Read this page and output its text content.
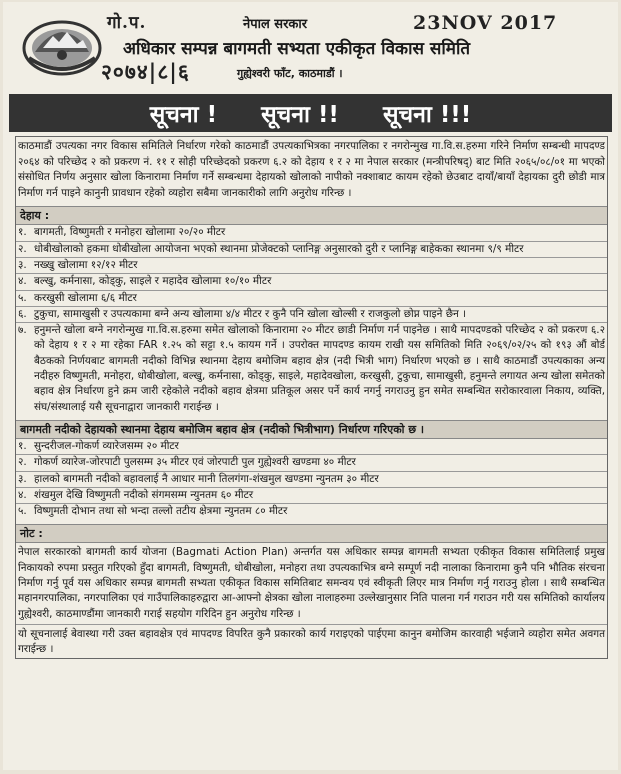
गो.प.	नेपाल सरकार	23NOV 2017
अधिकार सम्पन्न बागमती सभ्यता एकीकृत विकास समिति
गुह्येश्वरी फाँट, काठमाडौं ।
२०७४|८|६
सूचना ! सूचना !! सूचना !!!
काठमाडौं उपत्यका नगर विकास समितिले निर्धारण गरेको काठमाडौं उपत्यकाभित्रका नगरपालिका र नगरोन्मुख गा.वि.स.हरुमा गरिने निर्माण सम्बन्धी मापदण्ड २०६४ को परिच्छेद २ को प्रकरण नं. ११ र सोही परिच्छेदको प्रकरण ६.२ को देहाय १ र २ मा नेपाल सरकार (मन्त्रीपरिषद्) बाट मिति २०६५/०८/०१ मा भएको संसोधित निर्णय अनुसार खोला किनारामा निर्माण गर्ने सम्बन्धमा देहायको खोलाको नापीको नक्शाबाट कायम रहेको छेउबाट दायाँ/बायाँ देहायका दुरी छोडी मात्र निर्माण गर्न पाइने कानुनी प्रावधान रहेको व्यहोरा सबैमा जानकारीको लागि अनुरोध गरिन्छ ।
देहाय :
१. बागमती, विष्णुमती र मनोहरा खोलामा २०/२० मीटर
२. धोबीखोलाको हकमा धोबीखोला आयोजना भएको स्थानमा प्रोजेक्टको प्लानिङ्ग अनुसारको दुरी र प्लानिङ्ग बाहेकका स्थानमा ९/९ मीटर
३. नख्खु खोलामा १२/१२ मीटर
४. बल्खु, कर्मनासा, कोड्कु, साइले र महादेव खोलामा १०/१० मीटर
५. करखुसी खोलामा ६/६ मीटर
६. टुकुचा, सामाखुसी र उपत्यकामा बग्ने अन्य खोलामा ४/४ मीटर र कुनै पनि खोला खोल्सी र राजकुलो छोप्न पाइने छैन ।
७. हनुमन्ते खोला बग्ने नगरोन्मुख गा.वि.स.हरुमा समेत खोलाको किनारामा २० मीटर छाडी निर्माण गर्न पाइनेछ । साथै मापदण्डको परिच्छेद २ को प्रकरण ६.२ को देहाय १ र २ मा रहेका FAR १.२५ को सट्टा १.५ कायम गर्ने । उपरोक्त मापदण्ड कायम राखी यस समितिको मिति २०६९/०२/२५ को १९३ औं बोर्ड बैठकको निर्णयबाट बागमती नदीको विभिन्न स्थानमा देहाय बमोजिम बहाव क्षेत्र (नदी भित्री भाग) निर्धारण भएको छ । साथै काठमाडौं उपत्यकाका अन्य नदीहरु विष्णुमती, मनोहरा, धोबीखोला, बल्खु, कर्मनासा, कोड्कु, साइले, महादेवखोला, करखुसी, टुकुचा, सामाखुसी, हनुमन्ते लगायत अन्य खोला समेतको बहाव क्षेत्र निर्धारण हुने क्रम जारी रहेकोले नदीको बहाव क्षेत्रमा प्रतिकूल असर पर्ने कार्य नगर्नु नगराउनु हुन समेत सम्बन्धित सरोकारवाला निकाय, व्यक्ति, संघ/संस्थालाई यसै सूचनाद्वारा जानकारी गराईन्छ ।
बागमती नदीको देहायको स्थानमा देहाय बमोजिम बहाव क्षेत्र (नदीको भित्रीभाग) निर्धारण गरिएको छ ।
१. सुन्दरीजल-गोकर्ण व्यारेजसम्म २० मीटर
२. गोकर्ण व्यारेज-जोरपाटी पुलसम्म ३५ मीटर एवं जोरपाटी पुल गुह्येश्वरी खण्डमा ४० मीटर
३. हालको बागमती नदीको बहावलाई नै आधार मानी तिलगंगा-शंखमुल खण्डमा न्युनतम ३० मीटर
४. शंखमुल देखि विष्णुमती नदीको संगमसम्म न्युनतम ६० मीटर
५. विष्णुमती दोभान तथा सो भन्दा तल्लो तटीय क्षेत्रमा न्युनतम ८० मीटर
नोट :
नेपाल सरकारको बागमती कार्य योजना (Bagmati Action Plan) अन्तर्गत यस अधिकार सम्पन्न बागमती सभ्यता एकीकृत विकास समितिलाई प्रमुख निकायको रुपमा प्रस्तुत गरिएको हुँदा बागमती, विष्णुमती, धोबीखोला, मनोहरा तथा उपत्यकाभित्र बग्ने सम्पूर्ण नदी नालाका किनारामा कुनै पनि भौतिक संरचना निर्माण गर्नु पूर्व यस अधिकार सम्पन्न बागमती सभ्यता एकीकृत विकास समितिबाट समन्वय एवं स्वीकृती लिएर मात्र निर्माण गर्नु गराउनु होला । साथै सम्बन्धित महानगरपालिका, नगरपालिका एवं गाउँपालिकाहरुद्वारा आ-आफ्नो क्षेत्रका खोला नालाहरुमा उल्लेखानुसार निति पालना गर्न गराउन गरी यस समितिको कार्यालय गुह्येश्वरी, काठमाण्डौंमा जानकारी गराई सहयोग गरिदिन हुन अनुरोध गरिन्छ ।
यो सूचनालाई बेवास्था गरी उक्त बहावक्षेत्र एवं मापदण्ड विपरित कुनै प्रकारको कार्य गराइएको पाईएमा कानुन बमोजिम कारवाही भईजाने व्यहोरा समेत अवगत गराईन्छ ।
